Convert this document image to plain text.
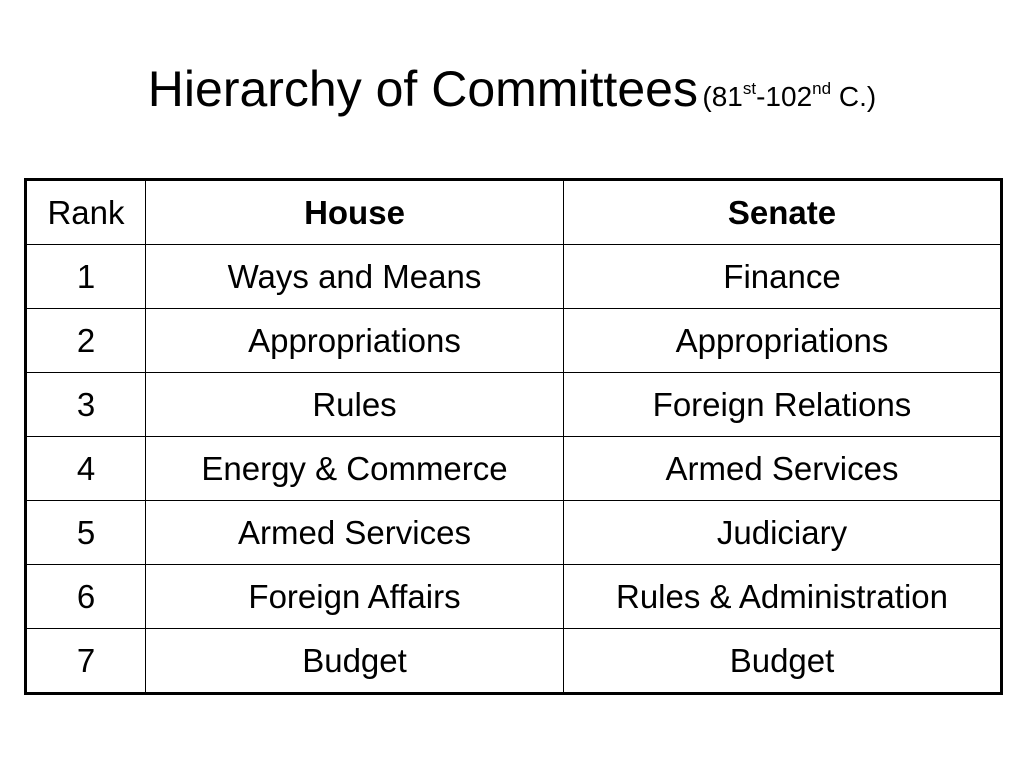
Hierarchy of Committees (81st-102nd C.)
Rank	House	Senate
1	Ways and Means	Finance
2	Appropriations	Appropriations
3	Rules	Foreign Relations
4	Energy & Commerce	Armed Services
5	Armed Services	Judiciary
6	Foreign Affairs	Rules & Administration
7	Budget	Budget
